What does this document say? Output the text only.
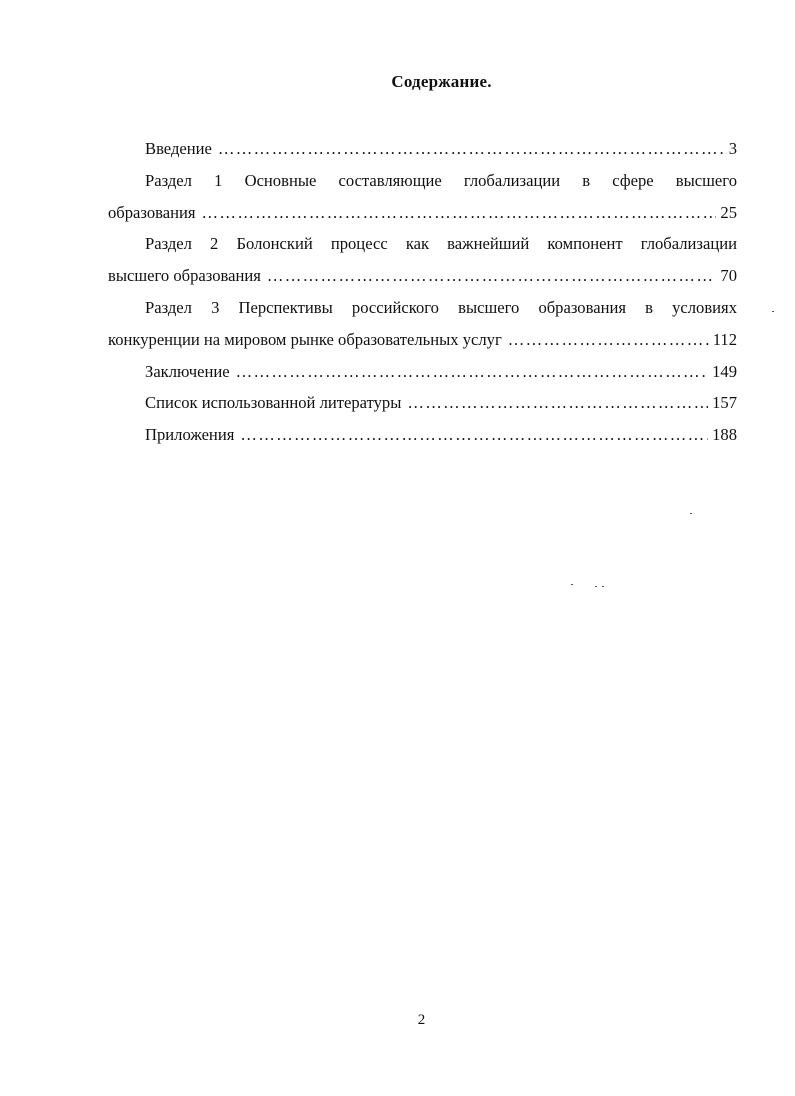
Содержание.
Введение ……………………………………………………………………………………………………………………………………………………	3
Раздел 1 Основные составляющие глобализации в сфере высшего
образования ……………………………………………………………………………………………………………………………………………………	25
Раздел 2 Болонский процесс как важнейший компонент глобализации
высшего образования ……………………………………………………………………………………………………………………………………………………	70
Раздел 3 Перспективы российского высшего образования в условиях
конкуренции на мировом рынке образовательных услуг ……………………………………………………………………………………………………………………………………………………	112
Заключение ……………………………………………………………………………………………………………………………………………………	149
Список использованной литературы ……………………………………………………………………………………………………………………………………………………	157
Приложения ……………………………………………………………………………………………………………………………………………………	188
2
